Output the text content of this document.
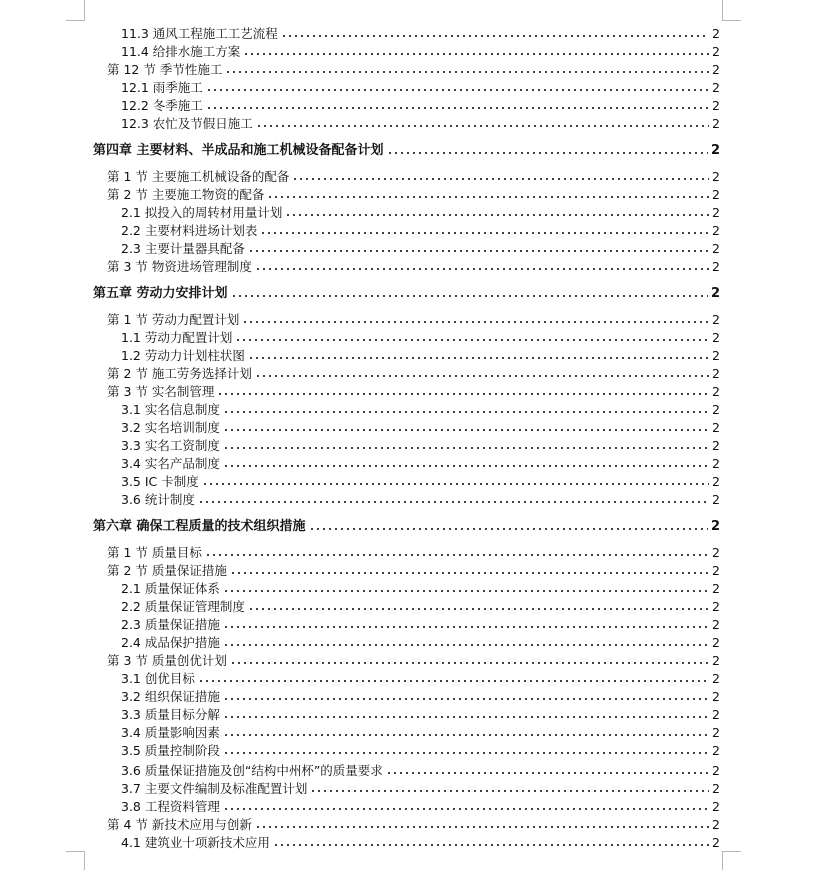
11.3 通风工程施工工艺流程	2
11.4 给排水施工方案	2
第 12 节 季节性施工	2
12.1 雨季施工	2
12.2 冬季施工	2
12.3 农忙及节假日施工	2
第四章 主要材料、半成品和施工机械设备配备计划	2
第 1 节 主要施工机械设备的配备	2
第 2 节 主要施工物资的配备	2
2.1 拟投入的周转材用量计划	2
2.2 主要材料进场计划表	2
2.3 主要计量器具配备	2
第 3 节 物资进场管理制度	2
第五章 劳动力安排计划	2
第 1 节 劳动力配置计划	2
1.1 劳动力配置计划	2
1.2 劳动力计划柱状图	2
第 2 节 施工劳务选择计划	2
第 3 节 实名制管理	2
3.1 实名信息制度	2
3.2 实名培训制度	2
3.3 实名工资制度	2
3.4 实名产品制度	2
3.5 IC 卡制度	2
3.6 统计制度	2
第六章 确保工程质量的技术组织措施	2
第 1 节 质量目标	2
第 2 节 质量保证措施	2
2.1 质量保证体系	2
2.2 质量保证管理制度	2
2.3 质量保证措施	2
2.4 成品保护措施	2
第 3 节 质量创优计划	2
3.1 创优目标	2
3.2 组织保证措施	2
3.3 质量目标分解	2
3.4 质量影响因素	2
3.5 质量控制阶段	2
3.6 质量保证措施及创“结构中州杯”的质量要求	2
3.7 主要文件编制及标准配置计划	2
3.8 工程资料管理	2
第 4 节 新技术应用与创新	2
4.1 建筑业十项新技术应用	2
